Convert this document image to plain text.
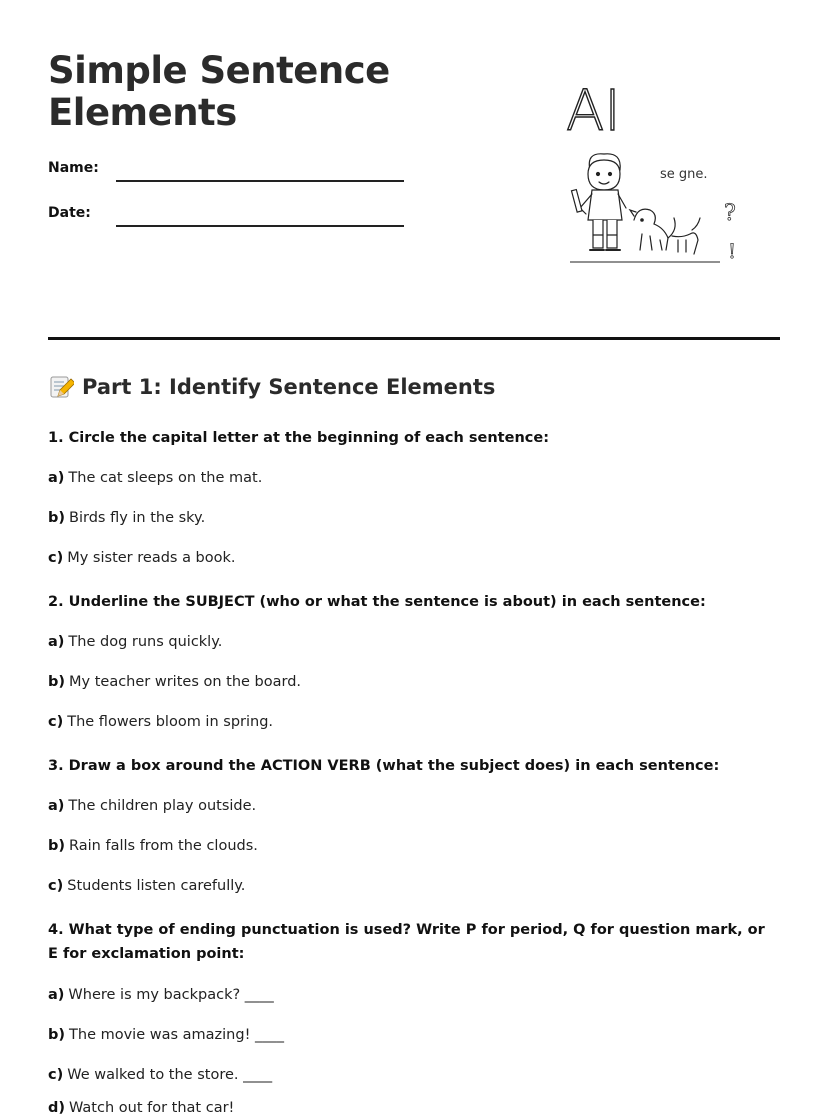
Simple Sentence Elements
Name:
Date:
AI
se gne.
?
!
Part 1: Identify Sentence Elements
1. Circle the capital letter at the beginning of each sentence:
a) The cat sleeps on the mat.
b) Birds fly in the sky.
c) My sister reads a book.
2. Underline the SUBJECT (who or what the sentence is about) in each sentence:
a) The dog runs quickly.
b) My teacher writes on the board.
c) The flowers bloom in spring.
3. Draw a box around the ACTION VERB (what the subject does) in each sentence:
a) The children play outside.
b) Rain falls from the clouds.
c) Students listen carefully.
4. What type of ending punctuation is used? Write P for period, Q for question mark, or E for exclamation point:
a) Where is my backpack? ____
b) The movie was amazing! ____
c) We walked to the store. ____
d) Watch out for that car!
